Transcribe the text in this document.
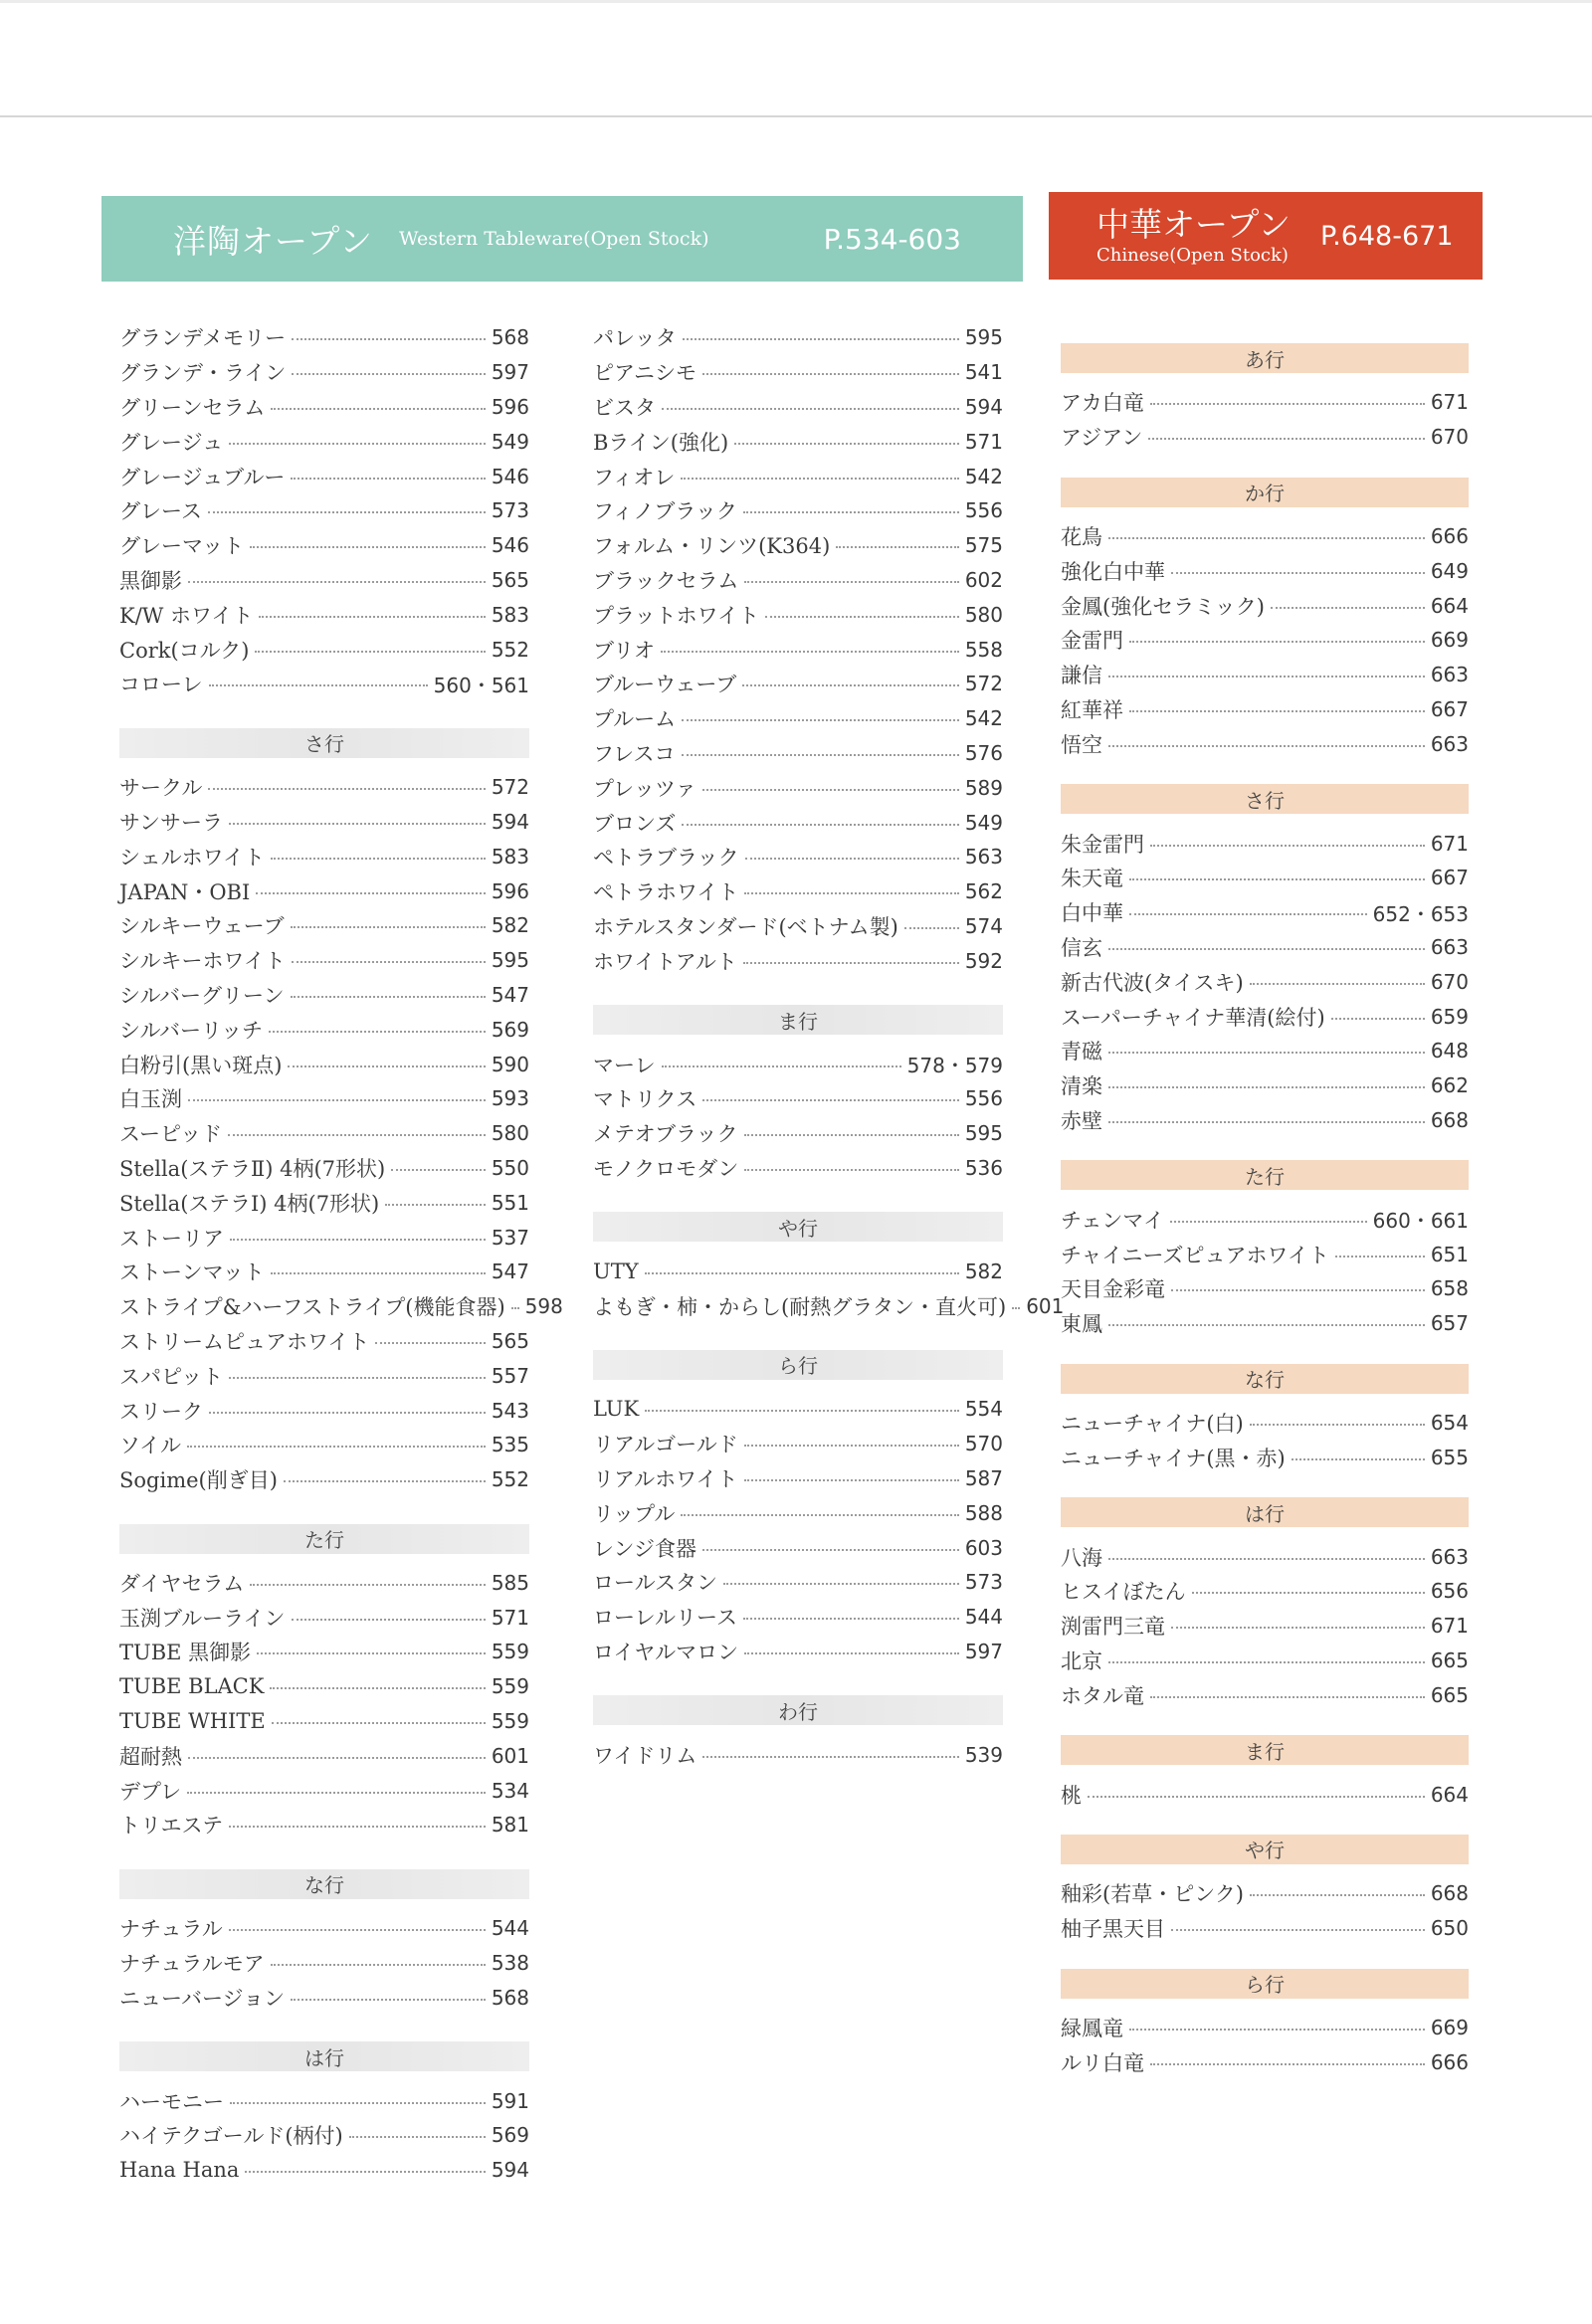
洋陶オープン Western Tableware(Open Stock)	P.534-603	中華オープン
Chinese(Open Stock)
P.648-671
グランデメモリー	568
グランデ・ライン	597
グリーンセラム	596
グレージュ	549
グレージュブルー	546
グレース	573
グレーマット	546
黒御影	565
K/W ホワイト	583
Cork(コルク)	552
コローレ	560・561
さ行
サークル	572
サンサーラ	594
シェルホワイト	583
JAPAN・OBI	596
シルキーウェーブ	582
シルキーホワイト	595
シルバーグリーン	547
シルバーリッチ	569
白粉引(黒い斑点)	590
白玉渕	593
スーピッド	580
Stella(ステラⅡ) 4柄(7形状)	550
Stella(ステラⅠ) 4柄(7形状)	551
ストーリア	537
ストーンマット	547
ストライプ&ハーフストライプ(機能食器) 598
ストリームピュアホワイト	565
スパピット	557
スリーク	543
ソイル	535
Sogime(削ぎ目)	552
た行
ダイヤセラム	585
玉渕ブルーライン	571
TUBE 黒御影	559
TUBE BLACK	559
TUBE WHITE	559
超耐熱	601
デプレ	534
トリエステ	581
な行
ナチュラル	544
ナチュラルモア	538
ニューバージョン	568
は行
ハーモニー	591
ハイテクゴールド(柄付)	569
Hana Hana	594
パレッタ	595
ピアニシモ	541
ビスタ	594
Bライン(強化)	571
フィオレ	542
フィノブラック	556
フォルム・リンツ(K364)	575
ブラックセラム	602
プラットホワイト	580
ブリオ	558
ブルーウェーブ	572
プルーム	542
フレスコ	576
プレッツァ	589
ブロンズ	549
ペトラブラック	563
ペトラホワイト	562
ホテルスタンダード(ベトナム製)	574
ホワイトアルト	592
ま行
マーレ	578・579
マトリクス	556
メテオブラック	595
モノクロモダン	536
や行
UTY	582
よもぎ・柿・からし(耐熱グラタン・直火可) 601
ら行
LUK	554
リアルゴールド	570
リアルホワイト	587
リップル	588
レンジ食器	603
ロールスタン	573
ローレルリース	544
ロイヤルマロン	597
わ行
ワイドリム	539
あ行
アカ白竜	671
アジアン	670
か行
花鳥	666
強化白中華	649
金鳳(強化セラミック)	664
金雷門	669
謙信	663
紅華祥	667
悟空	663
さ行
朱金雷門	671
朱天竜	667
白中華	652・653
信玄	663
新古代波(タイスキ)	670
スーパーチャイナ華清(絵付)	659
青磁	648
清楽	662
赤壁	668
た行
チェンマイ	660・661
チャイニーズピュアホワイト	651
天目金彩竜	658
東鳳	657
な行
ニューチャイナ(白)	654
ニューチャイナ(黒・赤)	655
は行
八海	663
ヒスイぼたん	656
渕雷門三竜	671
北京	665
ホタル竜	665
ま行
桃	664
や行
釉彩(若草・ピンク)	668
柚子黒天目	650
ら行
緑鳳竜	669
ルリ白竜	666
